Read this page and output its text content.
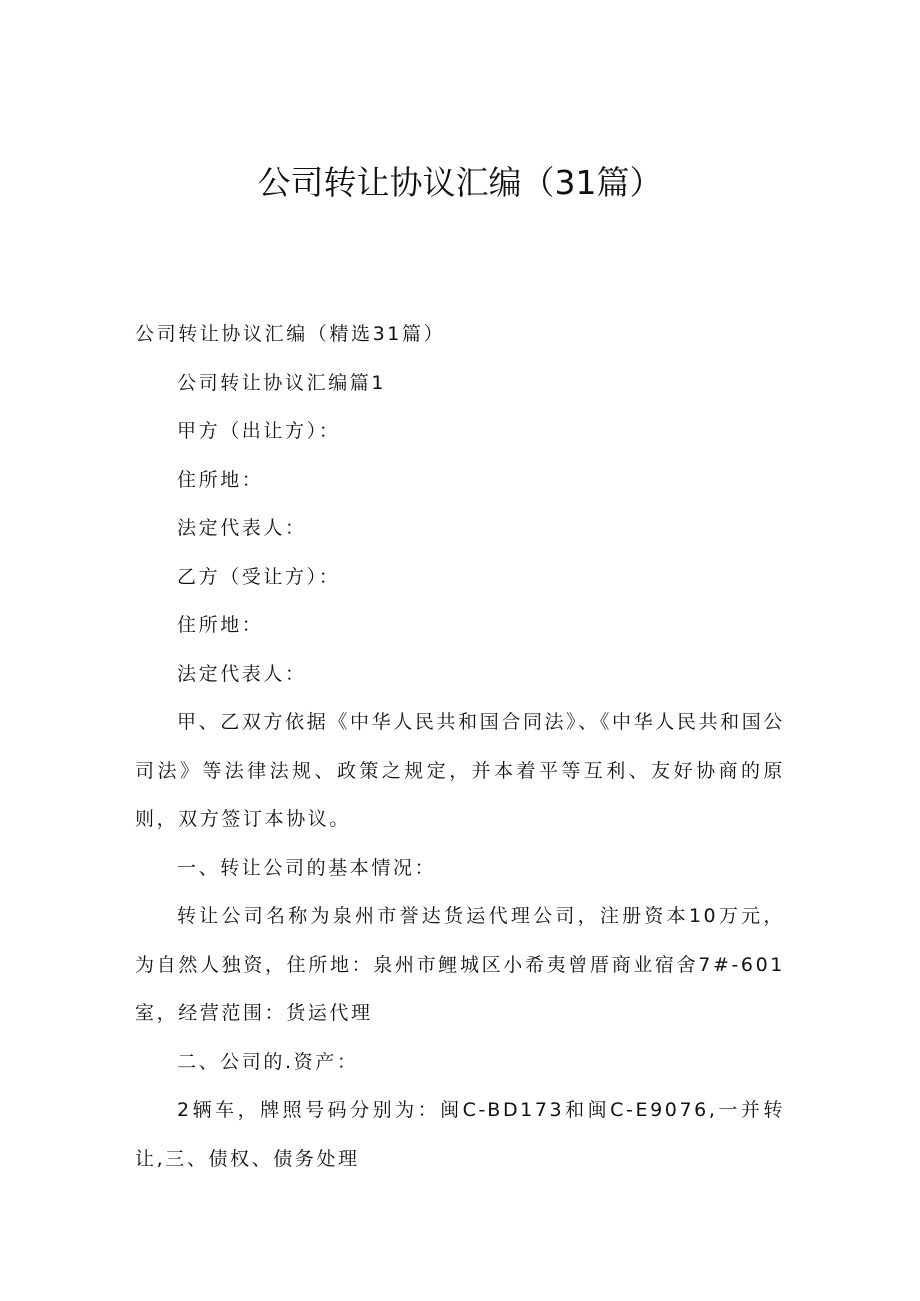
公司转让协议汇编（31篇）

公司转让协议汇编（精选31篇）

公司转让协议汇编篇1

甲方（出让方）：

住所地：

法定代表人：

乙方（受让方）：

住所地：

法定代表人：

甲、乙双方依据《中华人民共和国合同法》、《中华人民共和国公司法》等法律法规、政策之规定，并本着平等互利、友好协商的原则，双方签订本协议。

一、转让公司的基本情况：

转让公司名称为泉州市誉达货运代理公司，注册资本10万元，为自然人独资，住所地：泉州市鲤城区小希夷曾厝商业宿舍7#-601室，经营范围：货运代理

二、公司的.资产：

2辆车，牌照号码分别为：闽C-BD173和闽C-E9076,一并转让,三、债权、债务处理
